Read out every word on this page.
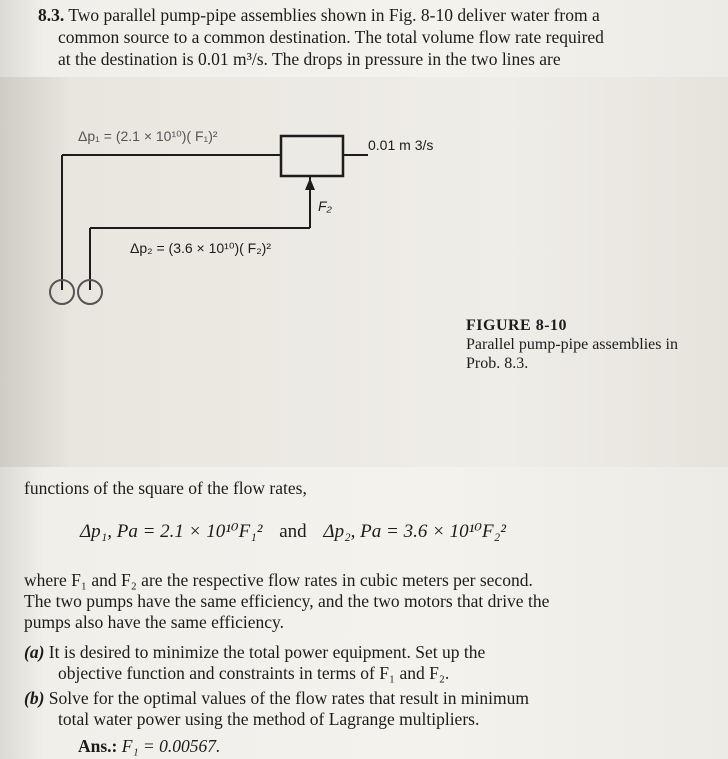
8.3. Two parallel pump-pipe assemblies shown in Fig. 8-10 deliver water from a
common source to a common destination. The total volume flow rate required
at the destination is 0.01 m³/s. The drops in pressure in the two lines are
Δp₁ = (2.1 × 10¹⁰)( F₁)²
0.01 m 3/s
F₂
Δp₂ = (3.6 × 10¹⁰)( F₂)²
FIGURE 8-10
Parallel pump-pipe assemblies in
Prob. 8.3.
functions of the square of the flow rates,
Δp₁, Pa = 2.1 × 10¹⁰F₁² and Δp₂, Pa = 3.6 × 10¹⁰F₂²
where F₁ and F₂ are the respective flow rates in cubic meters per second.
The two pumps have the same efficiency, and the two motors that drive the
pumps also have the same efficiency.
(a) It is desired to minimize the total power equipment. Set up the
objective function and constraints in terms of F₁ and F₂.
(b) Solve for the optimal values of the flow rates that result in minimum
total water power using the method of Lagrange multipliers.
Ans.: F₁ = 0.00567.
